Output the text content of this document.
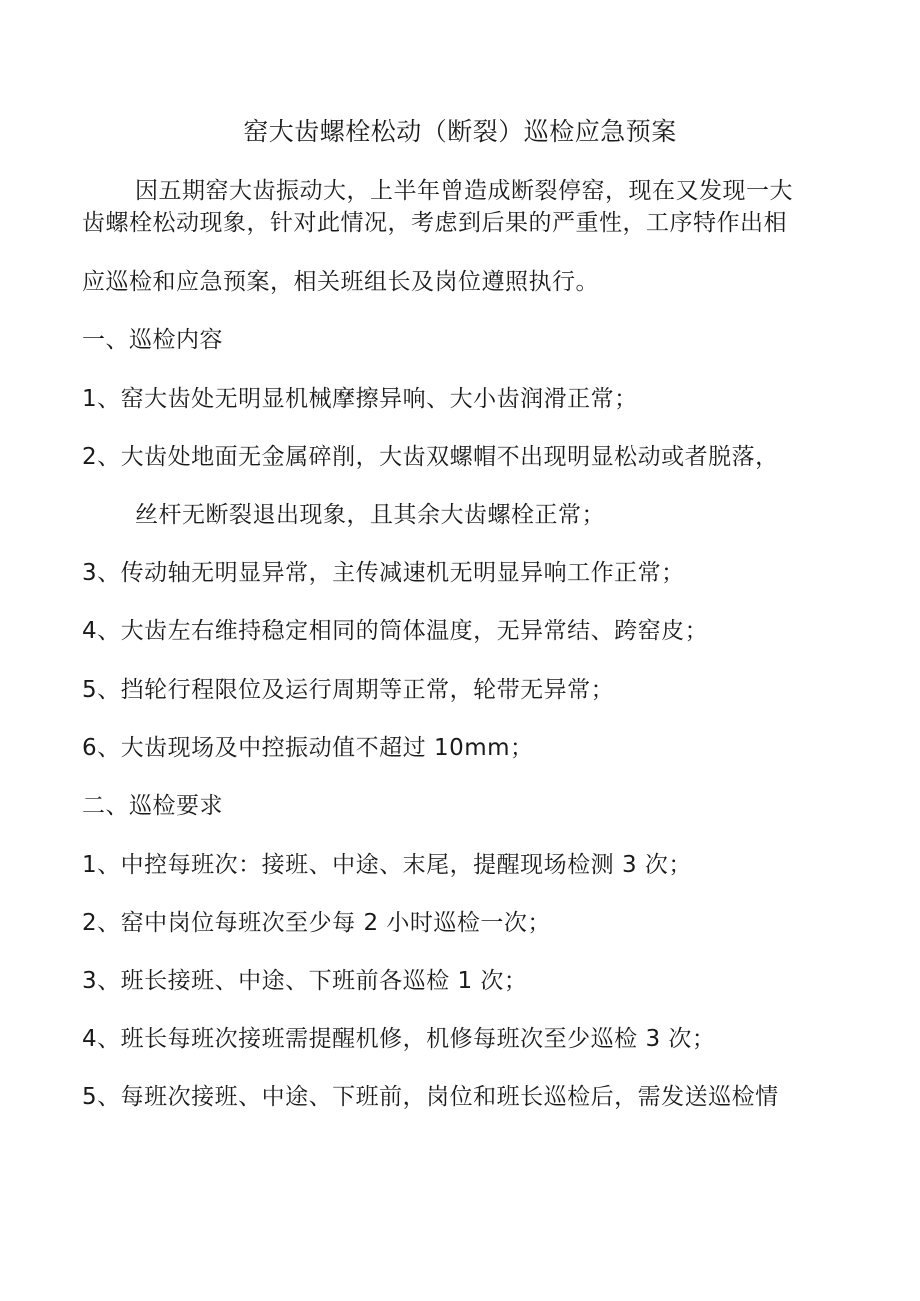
窑大齿螺栓松动（断裂）巡检应急预案
因五期窑大齿振动大，上半年曾造成断裂停窑，现在又发现一大
齿螺栓松动现象，针对此情况，考虑到后果的严重性，工序特作出相
应巡检和应急预案，相关班组长及岗位遵照执行。
一、巡检内容
1、窑大齿处无明显机械摩擦异响、大小齿润滑正常；
2、大齿处地面无金属碎削，大齿双螺帽不出现明显松动或者脱落，
丝杆无断裂退出现象，且其余大齿螺栓正常；
3、传动轴无明显异常，主传减速机无明显异响工作正常；
4、大齿左右维持稳定相同的筒体温度，无异常结、跨窑皮；
5、挡轮行程限位及运行周期等正常，轮带无异常；
6、大齿现场及中控振动值不超过 10mm；
二、巡检要求
1、中控每班次：接班、中途、末尾，提醒现场检测 3 次；
2、窑中岗位每班次至少每 2 小时巡检一次；
3、班长接班、中途、下班前各巡检 1 次；
4、班长每班次接班需提醒机修，机修每班次至少巡检 3 次；
5、每班次接班、中途、下班前，岗位和班长巡检后，需发送巡检情
